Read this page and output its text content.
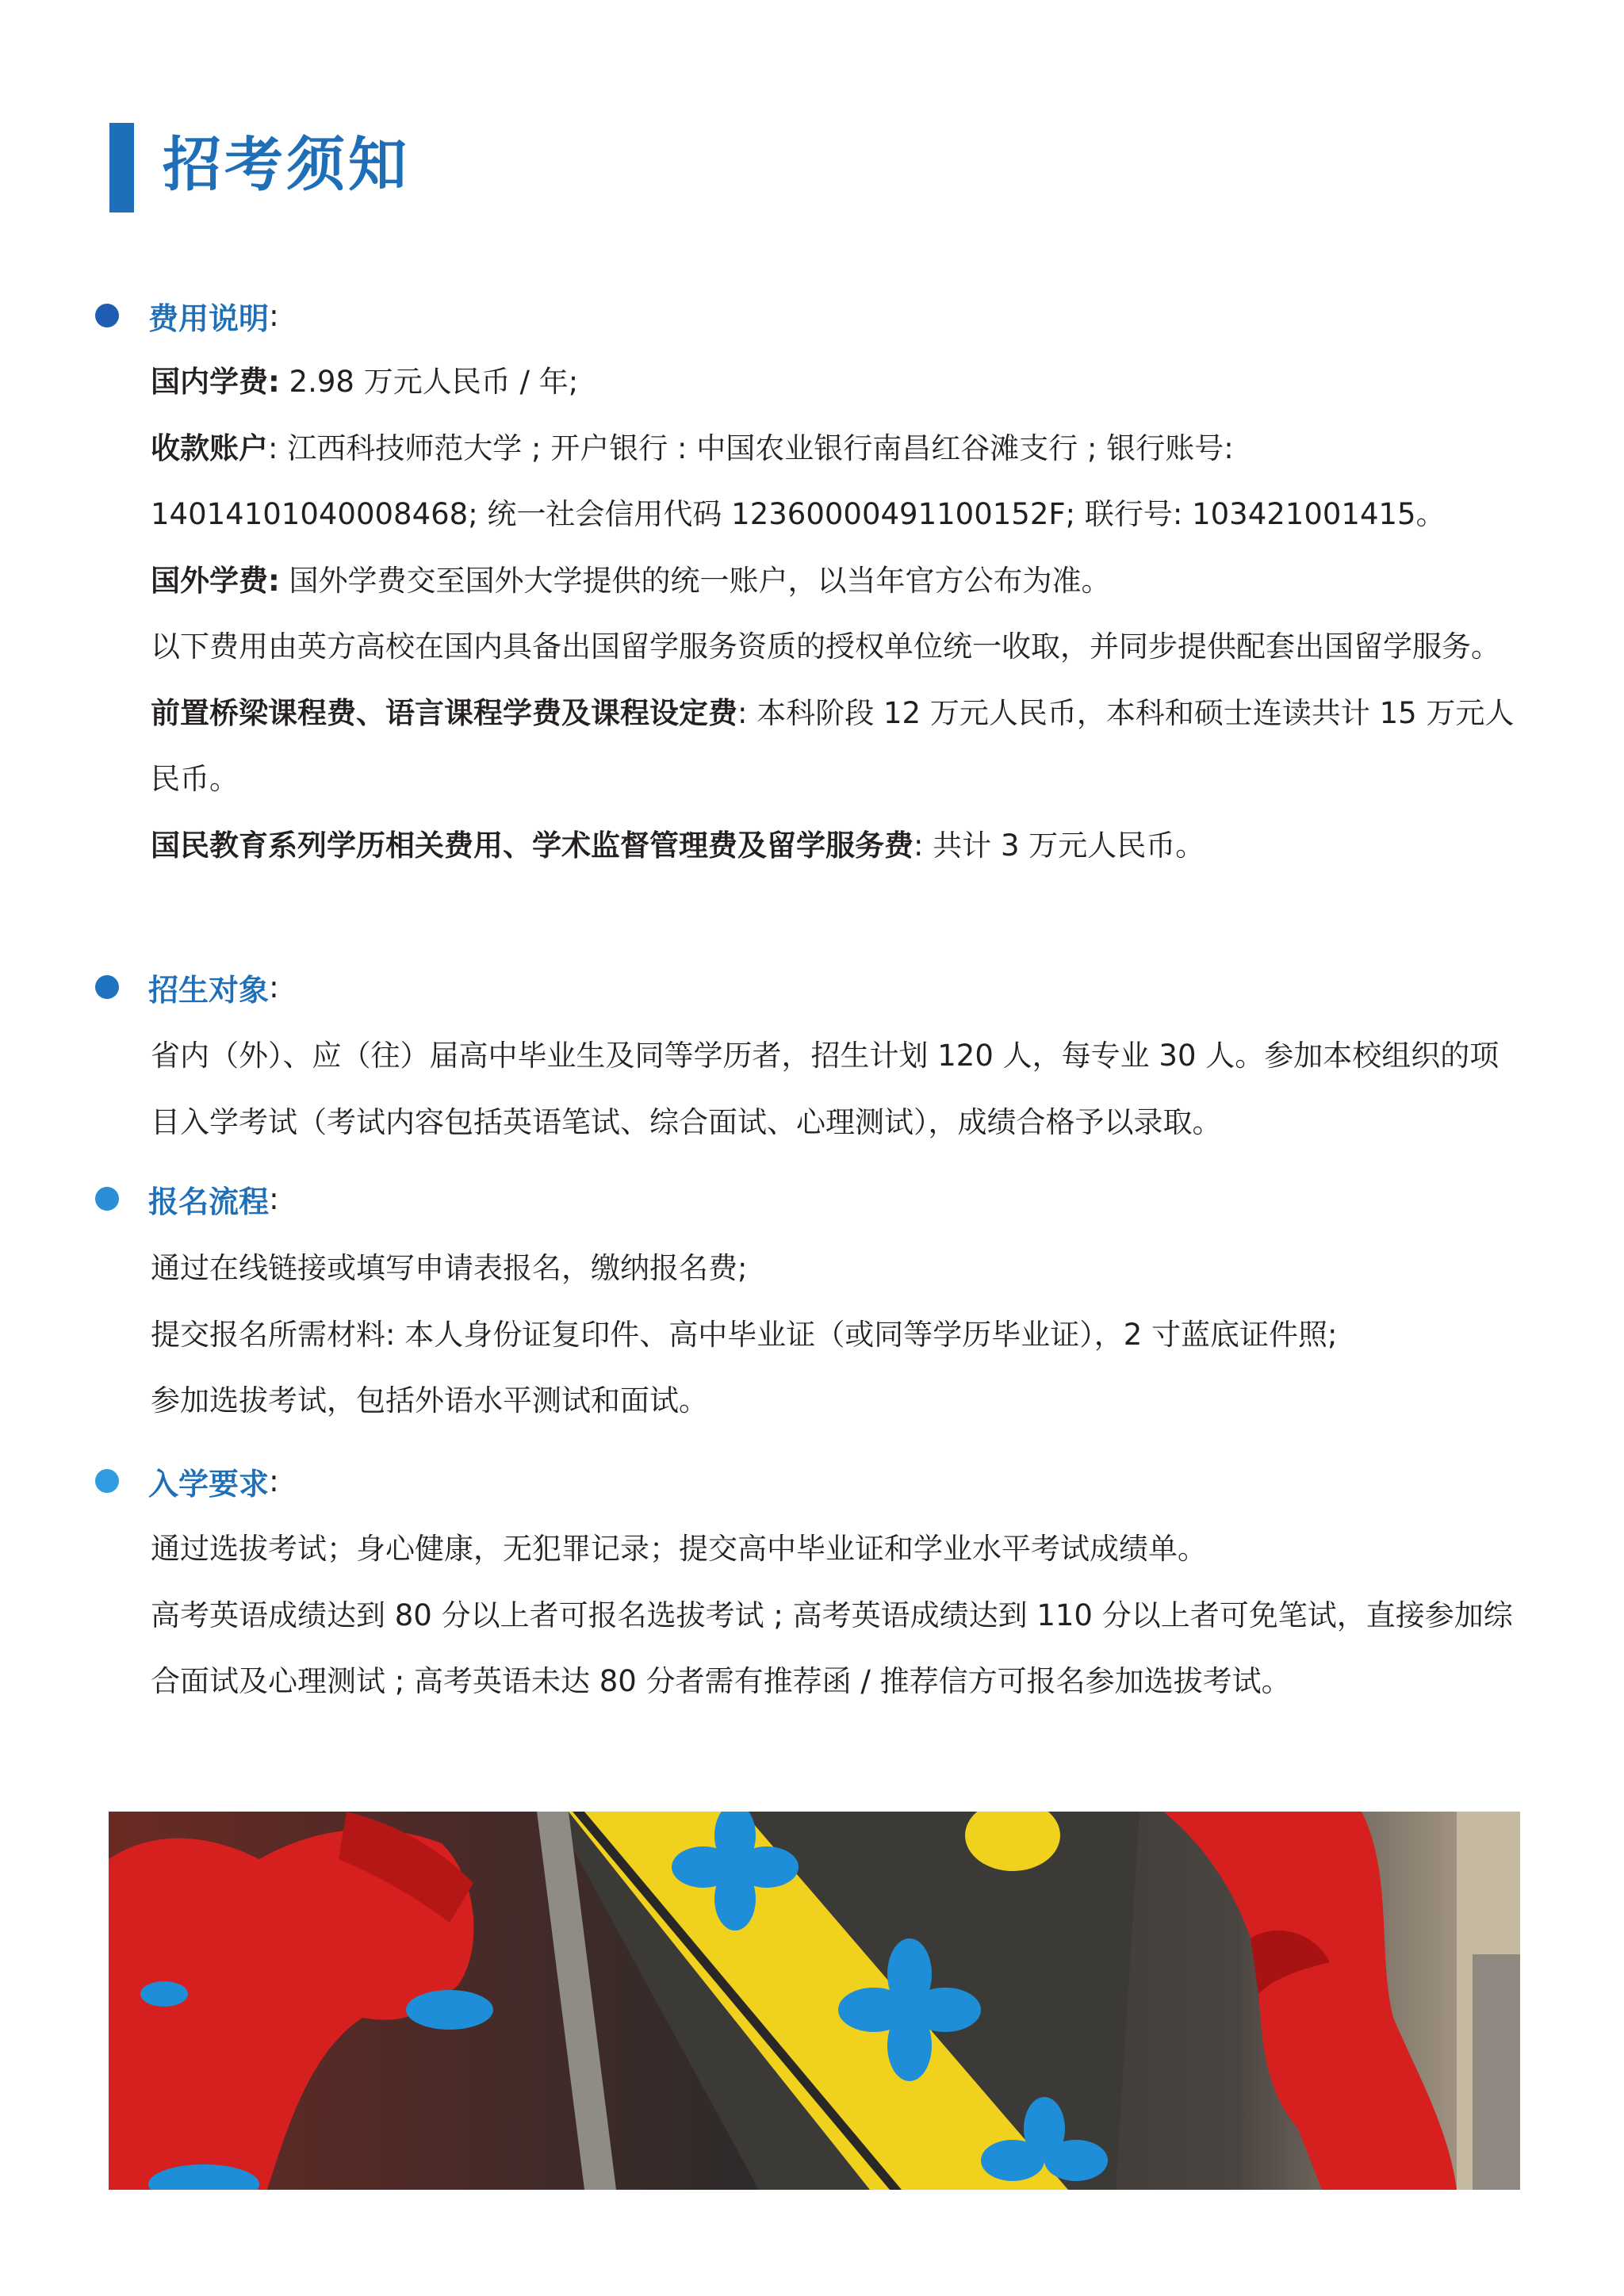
招考须知
费用说明 :

国内学费: 2.98 万元人民币 / 年;

收款账户: 江西科技师范大学 ; 开户银行 : 中国农业银行南昌红谷滩支行 ; 银行账号: 14014101040008468; 统一社会信用代码 12360000491100152F; 联行号: 103421001415。

国外学费: 国外学费交至国外大学提供的统一账户，以当年官方公布为准。

以下费用由英方高校在国内具备出国留学服务资质的授权单位统一收取，并同步提供配套出国留学服务。

前置桥梁课程费、语言课程学费及课程设定费: 本科阶段 12 万元人民币，本科和硕士连读共计 15 万元人民币。

国民教育系列学历相关费用、学术监督管理费及留学服务费: 共计 3 万元人民币。

招生对象 :

省内（外）、应（往）届高中毕业生及同等学历者，招生计划 120 人，每专业 30 人。参加本校组织的项目入学考试（考试内容包括英语笔试、综合面试、心理测试），成绩合格予以录取。

报名流程 :

通过在线链接或填写申请表报名，缴纳报名费;

提交报名所需材料: 本人身份证复印件、高中毕业证（或同等学历毕业证），2 寸蓝底证件照;

参加选拔考试，包括外语水平测试和面试。

入学要求 :

通过选拔考试；身心健康，无犯罪记录；提交高中毕业证和学业水平考试成绩单。

高考英语成绩达到 80 分以上者可报名选拔考试 ; 高考英语成绩达到 110 分以上者可免笔试，直接参加综合面试及心理测试 ; 高考英语未达 80 分者需有推荐函 / 推荐信方可报名参加选拔考试。
